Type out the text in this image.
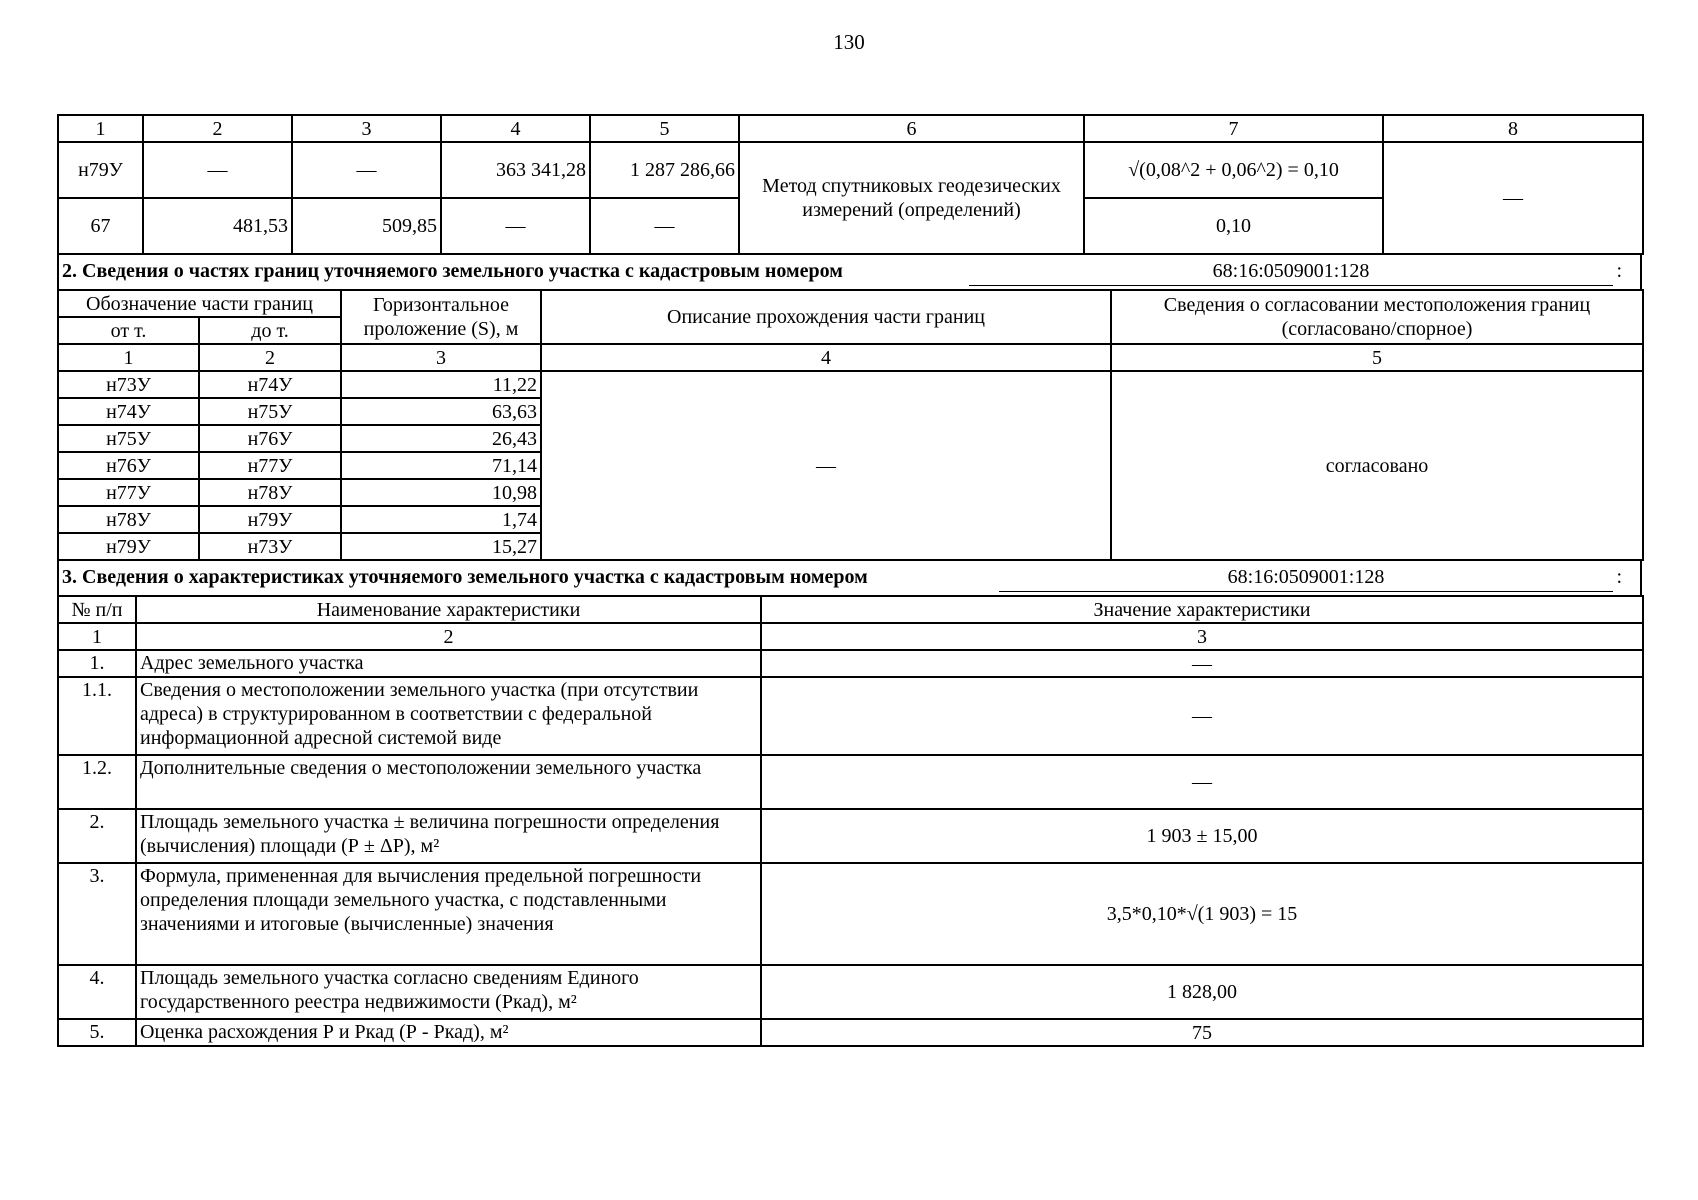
130
1	2	3	4	5	6	7	8
н79У	—	—	363 341,28	1 287 286,66	Метод спутниковых геодезических измерений (определений)	√(0,08^2 + 0,06^2) = 0,10	—
67	481,53	509,85	—	—		0,10	
2. Сведения о частях границ уточняемого земельного участка с кадастровым номером	68:16:0509001:128	:
Обозначение части границ		Горизонтальное проложение (S), м	Описание прохождения части границ	Сведения о согласовании местоположения границ (согласовано/спорное)
от т.	до т.			
1	2	3	4	5
н73У	н74У	11,22	—	согласовано
н74У	н75У	63,63		
н75У	н76У	26,43		
н76У	н77У	71,14		
н77У	н78У	10,98		
н78У	н79У	1,74		
н79У	н73У	15,27		
3. Сведения о характеристиках уточняемого земельного участка с кадастровым номером	68:16:0509001:128	:
№ п/п	Наименование характеристики	Значение характеристики
1	2	3
1.	Адрес земельного участка	—
1.1.	Сведения о местоположении земельного участка (при отсутствии адреса) в структурированном в соответствии с федеральной информационной адресной системой виде	—
1.2.	Дополнительные сведения о местоположении земельного участка	—
2.	Площадь земельного участка ± величина погрешности определения (вычисления) площади (Р ± ΔР), м²	1 903 ± 15,00
3.	Формула, примененная для вычисления предельной погрешности определения площади земельного участка, с подставленными значениями и итоговые (вычисленные) значения	3,5*0,10*√(1 903) = 15
4.	Площадь земельного участка согласно сведениям Единого государственного реестра недвижимости (Ркад), м²	1 828,00
5.	Оценка расхождения Р и Ркад (Р - Ркад), м²	75
